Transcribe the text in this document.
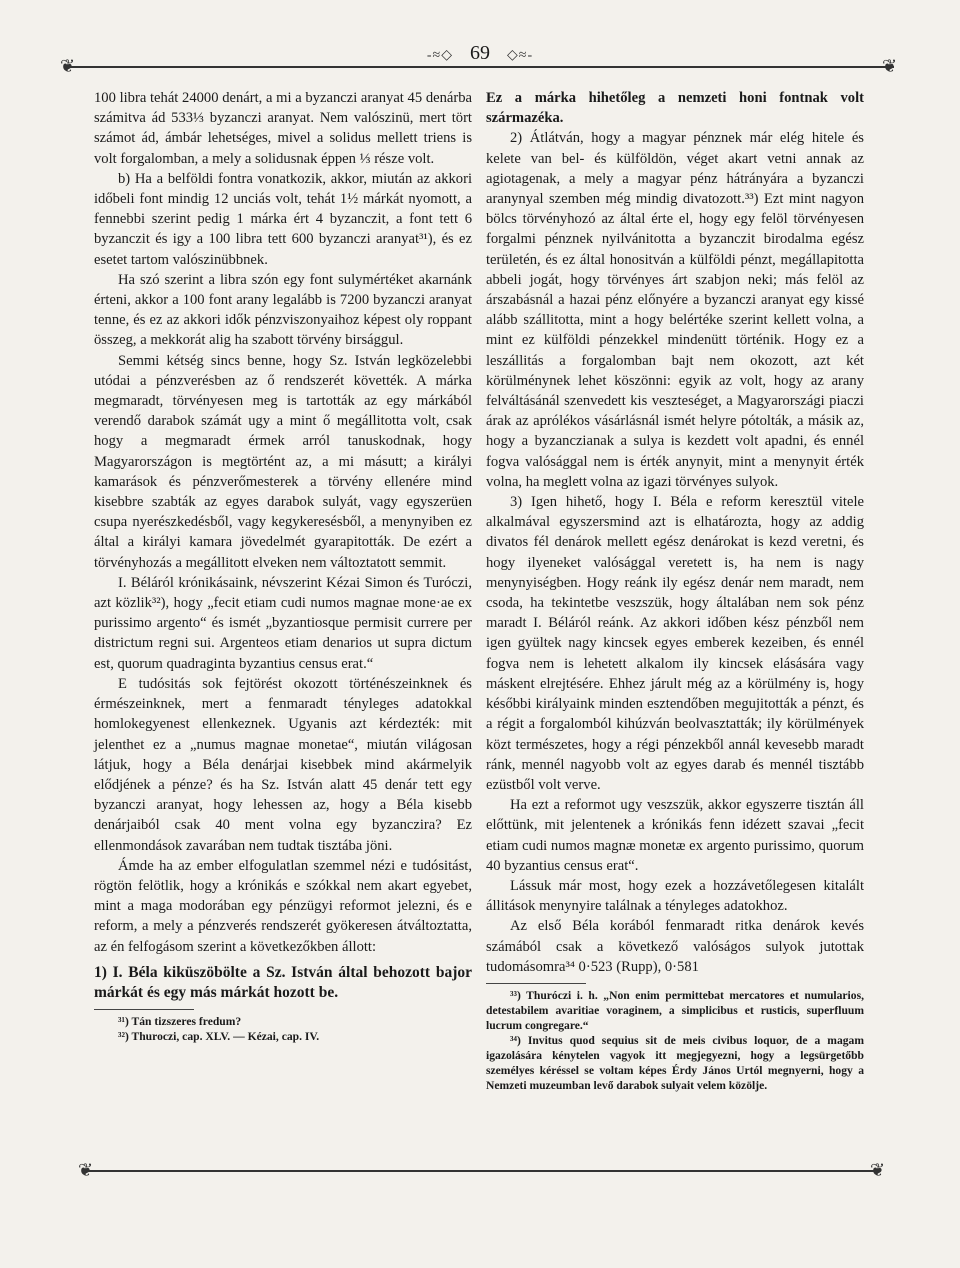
-≈◇ 69 ◇≈-
❦	❦

100 libra tehát 24000 denárt, a mi a byzanczi aranyat 45 denárba számitva ád 533⅓ byzanczi aranyat. Nem valószinü, mert tört számot ád, ámbár lehetséges, mivel a solidus mellett triens is volt forgalomban, a mely a solidusnak éppen ⅓ része volt.

b) Ha a belföldi fontra vonatkozik, akkor, miután az akkori időbeli font mindig 12 unciás volt, tehát 1½ márkát nyomott, a fennebbi szerint pedig 1 márka ért 4 byzanczit, a font tett 6 byzanczit és igy a 100 libra tett 600 byzanczi aranyat³¹), és ez esetet tartom valószinübbnek.

Ha szó szerint a libra szón egy font sulymértéket akarnánk érteni, akkor a 100 font arany legalább is 7200 byzanczi aranyat tenne, és ez az akkori idők pénzviszonyaihoz képest oly roppant összeg, a mekkorát alig ha szabott törvény birsággul.

Semmi kétség sincs benne, hogy Sz. István legközelebbi utódai a pénzverésben az ő rendszerét követték. A márka megmaradt, törvényesen meg is tartották az egy márkából verendő darabok számát ugy a mint ő megállitotta volt, csak hogy a megmaradt érmek arról tanuskodnak, hogy Magyarországon is megtörtént az, a mi másutt; a királyi kamarások és pénzverőmesterek a törvény ellenére mind kisebbre szabták az egyes darabok sulyát, vagy egyszerüen csupa nyerészkedésből, vagy kegykeresésből, a menynyiben ez által a királyi kamara jövedelmét gyarapitották. De ezért a törvényhozás a megállitott elveken nem változtatott semmit.

I. Béláról krónikásaink, névszerint Kézai Simon és Turóczi, azt közlik³²), hogy „fecit etiam cudi numos magnae mone·ae ex purissimo argento“ és ismét „byzantiosque permisit currere per districtum regni sui. Argenteos etiam denarios ut supra dictum est, quorum quadraginta byzantius census erat.“

E tudósitás sok fejtörést okozott történészeinknek és érmészeinknek, mert a fenmaradt tényleges adatokkal homlokegyenest ellenkeznek. Ugyanis azt kérdezték: mit jelenthet ez a „numus magnae monetae“, miután világosan látjuk, hogy a Béla denárjai kisebbek mind akármelyik elődjének a pénze? és ha Sz. István alatt 45 denár tett egy byzanczi aranyat, hogy lehessen az, hogy a Béla kisebb denárjaiból csak 40 ment volna egy byzanczira? Ez ellenmondások zavarában nem tudtak tisztába jöni.

Ámde ha az ember elfogulatlan szemmel nézi e tudósitást, rögtön felötlik, hogy a krónikás e szókkal nem akart egyebet, mint a maga modorában egy pénzügyi reformot jelezni, és e reform, a mely a pénzverés rendszerét gyökeresen átváltoztatta, az én felfogásom szerint a következőkben állott:

1) I. Béla kiküszöbölte a Sz. István által behozott bajor márkát és egy más márkát hozott be.

³¹) Tán tizszeres fredum?

³²) Thuroczi, cap. XLV. — Kézai, cap. IV.

Ez a márka hihetőleg a nemzeti honi fontnak volt származéka.

2) Átlátván, hogy a magyar pénznek már elég hitele és kelete van bel- és külföldön, véget akart vetni annak az agiotagenak, a mely a magyar pénz hátrányára a byzanczi aranynyal szemben még mindig divatozott.³³) Ezt mint nagyon bölcs törvényhozó az által érte el, hogy egy felöl törvényesen forgalmi pénznek nyilvánitotta a byzanczit birodalma egész területén, és ez által honositván a külföldi pénzt, megállapitotta abbeli jogát, hogy törvényes árt szabjon neki; más felöl az árszabásnál a hazai pénz előnyére a byzanczi aranyat egy kissé alább szállitotta, mint a hogy belértéke szerint kellett volna, a mint ez külföldi pénzekkel mindenütt történik. Hogy ez a leszállitás a forgalomban bajt nem okozott, azt két körülménynek lehet köszönni: egyik az volt, hogy az arany felváltásánál szenvedett kis veszteséget, a Magyarországi piaczi árak az aprólékos vásárlásnál ismét helyre pótolták, a másik az, hogy a byzanczianak a sulya is kezdett volt apadni, és ennél fogva valósággal nem is érték anynyit, mint a menynyit érték volna, ha meglett volna az igazi törvényes sulyok.

3) Igen hihető, hogy I. Béla e reform keresztül vitele alkalmával egyszersmind azt is elhatározta, hogy az addig divatos fél denárok mellett egész denárokat is kezd veretni, és hogy ilyeneket valósággal veretett is, ha nem is nagy menynyiségben. Hogy reánk ily egész denár nem maradt, nem csoda, ha tekintetbe veszszük, hogy általában nem sok pénz maradt I. Béláról reánk. Az akkori időben kész pénzből nem igen gyültek nagy kincsek egyes emberek kezeiben, és ennél fogva nem is lehetett alkalom ily kincsek elásására vagy máskent elrejtésére. Ehhez járult még az a körülmény is, hogy későbbi királyaink minden esztendőben megujitották a pénzt, és a régit a forgalomból kihúzván beolvasztatták; ily körülmények közt természetes, hogy a régi pénzekből annál kevesebb maradt ránk, mennél nagyobb volt az egyes darab és mennél tisztább ezüstből volt verve.

Ha ezt a reformot ugy veszszük, akkor egyszerre tisztán áll előttünk, mit jelentenek a krónikás fenn idézett szavai „fecit etiam cudi numos magnæ monetæ ex argento purissimo, quorum 40 byzantius census erat“.

Lássuk már most, hogy ezek a hozzávetőlegesen kitalált állitások menynyire találnak a tényleges adatokhoz.

Az első Béla korából fenmaradt ritka denárok kevés számából csak a következő valóságos sulyok jutottak tudomásomra³⁴ 0·523 (Rupp), 0·581

³³) Thuróczi i. h. „Non enim permittebat mercatores et numularios, detestabilem avaritiae voraginem, a simplicibus et rusticis, superfluum lucrum congregare.“

³⁴) Invitus quod sequius sit de meis civibus loquor, de a magam igazolására kénytelen vagyok itt megjegyezni, hogy a legsürgetőbb személyes kéréssel se voltam képes Érdy János Urtól megnyerni, hogy a Nemzeti muzeumban levő darabok sulyait velem közölje.

❦	❦
